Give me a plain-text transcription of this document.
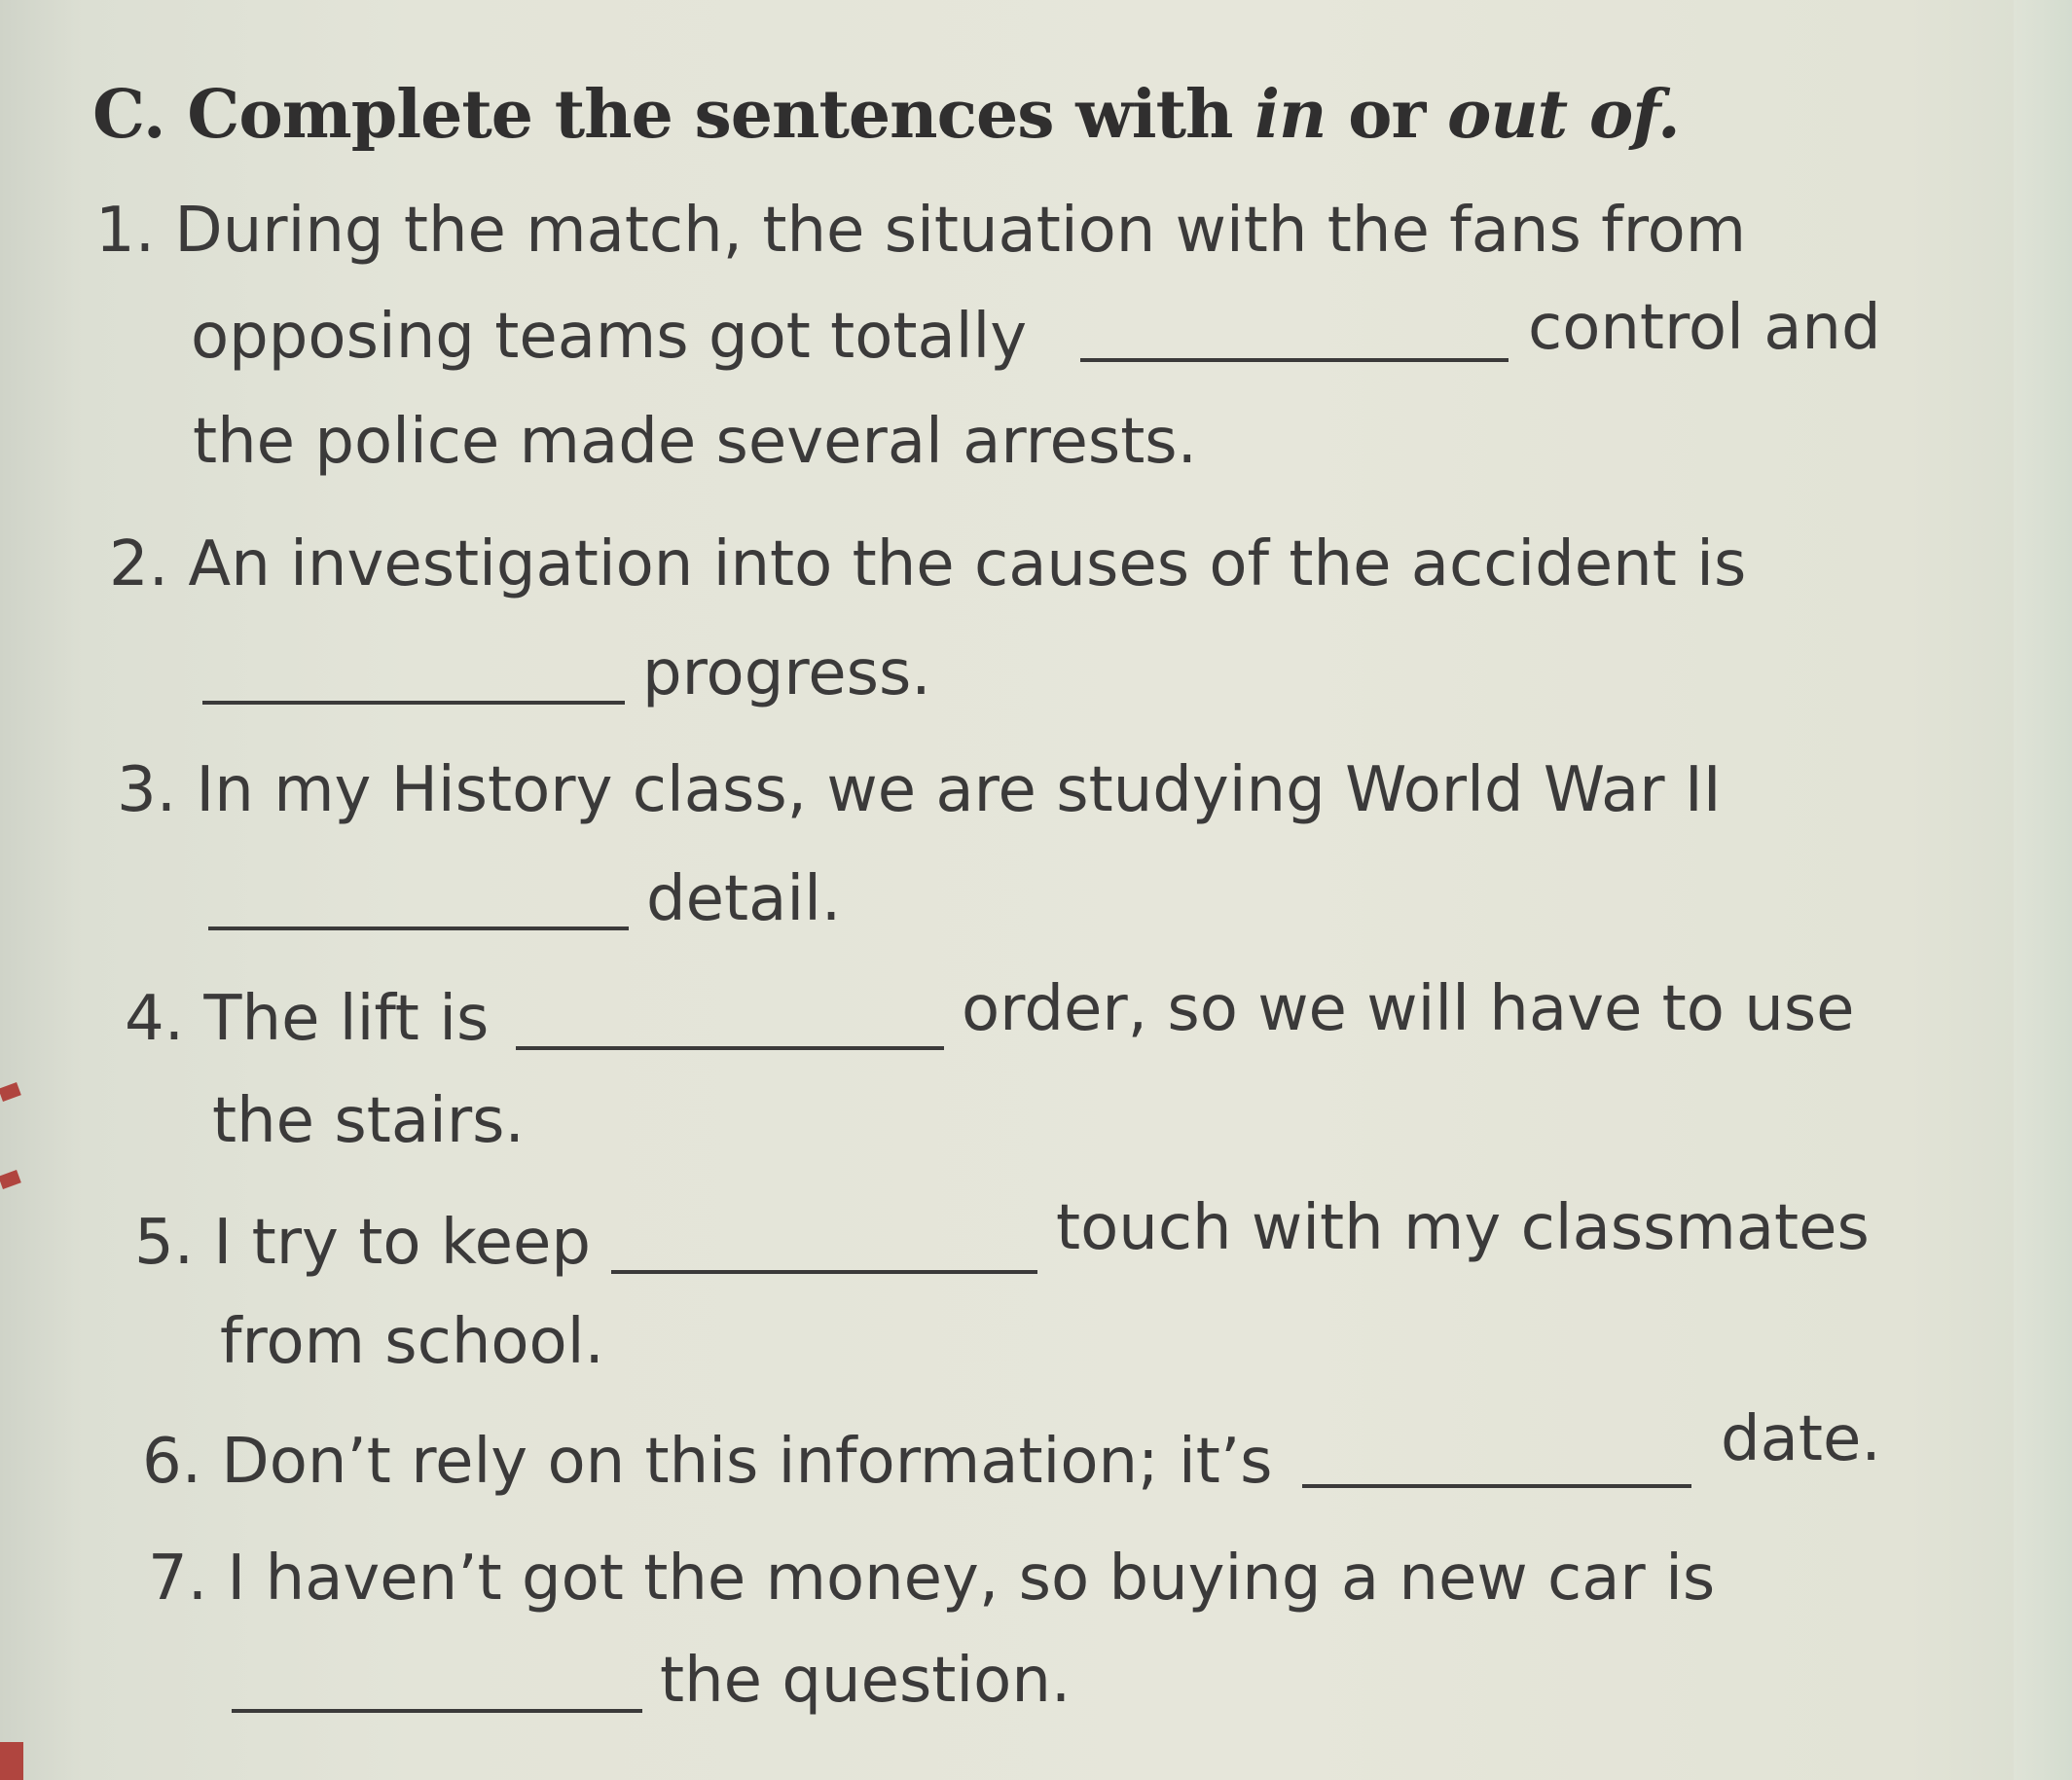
C. Complete the sentences with in or out of.
1. During the match, the situation with the fans from
opposing teams got totally	control and
the police made several arrests.
2. An investigation into the causes of the accident is
progress.
3. In my History class, we are studying World War II
detail.
4. The lift is	order, so we will have to use
the stairs.
5. I try to keep	touch with my classmates
from school.
6. Don’t rely on this information; it’s	date.
7. I haven’t got the money, so buying a new car is
the question.
